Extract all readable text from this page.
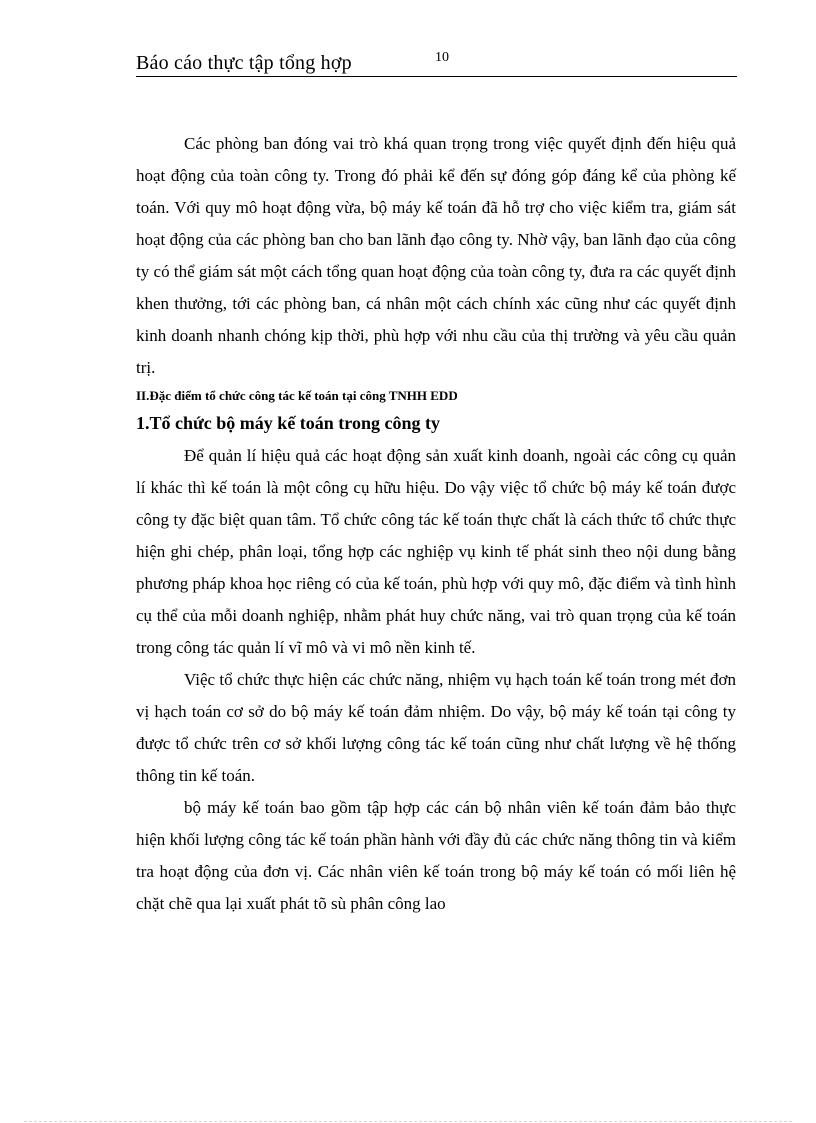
Báo cáo thực tập tổng hợp	10

Các phòng ban đóng vai trò khá quan trọng trong việc quyết định đến hiệu quả hoạt động của toàn công ty. Trong đó phải kể đến sự đóng góp đáng kể của phòng kế toán. Với quy mô hoạt động vừa, bộ máy kế toán đã hỗ trợ cho việc kiểm tra, giám sát hoạt động của các phòng ban cho ban lãnh đạo công ty. Nhờ vậy, ban lãnh đạo của công ty có thể giám sát một cách tổng quan hoạt động của toàn công ty, đưa ra các quyết định khen thưởng, tới các phòng ban, cá nhân một cách chính xác cũng như các quyết định kinh doanh nhanh chóng kịp thời, phù hợp với nhu cầu của thị trường và yêu cầu quản trị.

II.Đặc điểm tổ chức công tác kế toán tại công TNHH EDD
1.Tổ chức bộ máy kế toán trong công ty

Để quản lí hiệu quả các hoạt động sản xuất kinh doanh, ngoài các công cụ quản lí khác thì kế toán là một công cụ hữu hiệu. Do vậy việc tổ chức bộ máy kế toán được công ty đặc biệt quan tâm. Tổ chức công tác kế toán thực chất là cách thức tổ chức thực hiện ghi chép, phân loại, tổng hợp các nghiệp vụ kinh tế phát sinh theo nội dung bằng phương pháp khoa học riêng có của kế toán, phù hợp với quy mô, đặc điểm và tình hình cụ thể của mỗi doanh nghiệp, nhằm phát huy chức năng, vai trò quan trọng của kế toán trong công tác quản lí vĩ mô và vi mô nền kinh tế.

Việc tổ chức thực hiện các chức năng, nhiệm vụ hạch toán kế toán trong mét đơn vị hạch toán cơ sở do bộ máy kế toán đảm nhiệm. Do vậy, bộ máy kế toán tại công ty được tổ chức trên cơ sở khối lượng công tác kế toán cũng như chất lượng về hệ thống thông tin kế toán.

bộ máy kế toán bao gồm tập hợp các cán bộ nhân viên kế toán đảm bảo thực hiện khối lượng công tác kế toán phần hành với đầy đủ các chức năng thông tin và kiểm tra hoạt động của đơn vị. Các nhân viên kế toán trong bộ máy kế toán có mối liên hệ chặt chẽ qua lại xuất phát tõ sù phân công lao
